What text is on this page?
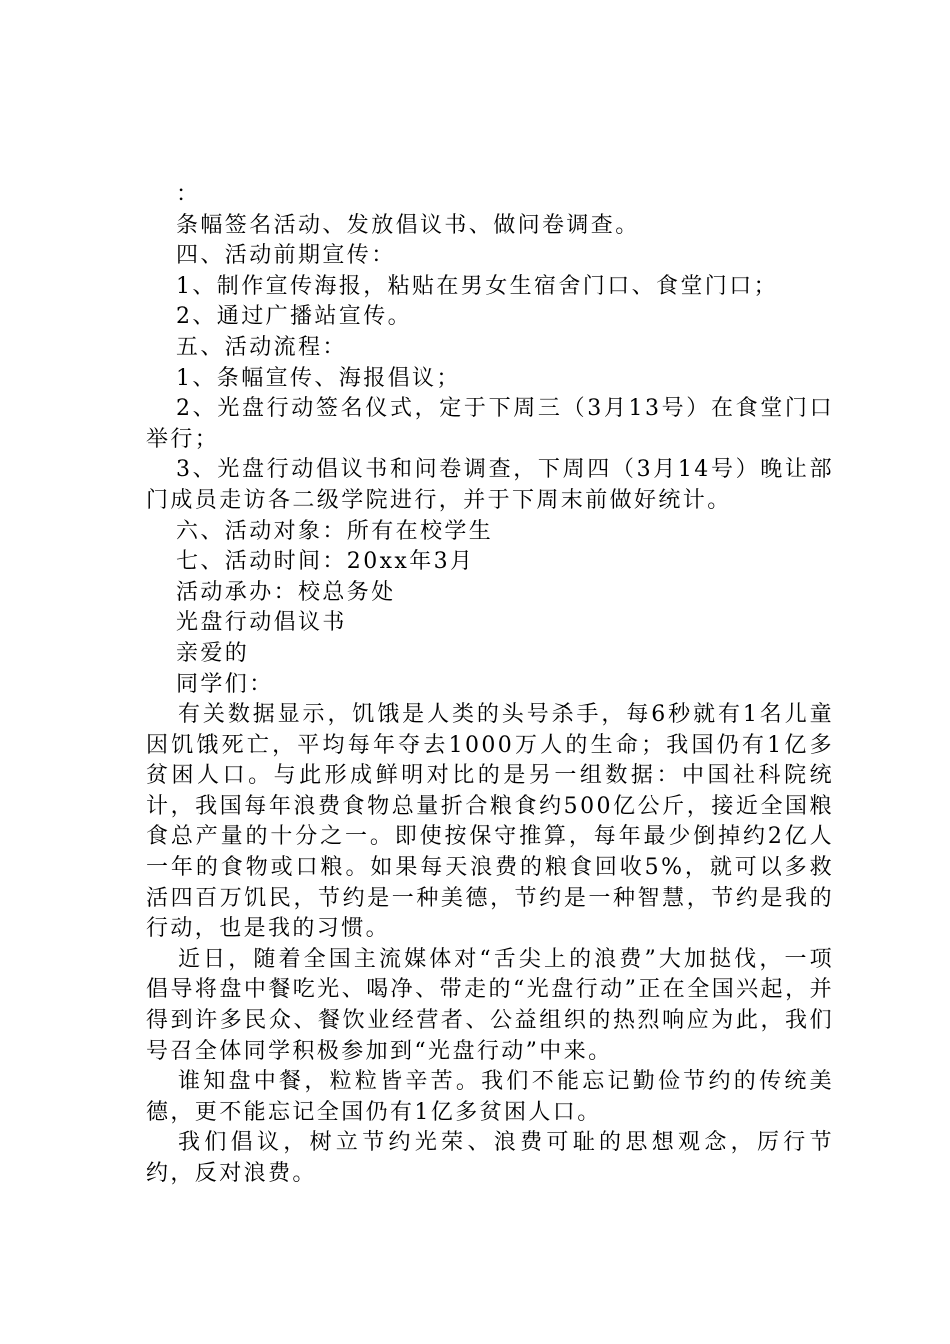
：

条幅签名活动、发放倡议书、做问卷调查。

四、活动前期宣传：

1、制作宣传海报，粘贴在男女生宿舍门口、食堂门口；

2、通过广播站宣传。

五、活动流程：

1、条幅宣传、海报倡议；

2、光盘行动签名仪式，定于下周三（3月13号）在食堂门口举行；

3、光盘行动倡议书和问卷调查，下周四（3月14号）晚让部门成员走访各二级学院进行，并于下周末前做好统计。

六、活动对象：所有在校学生

七、活动时间：20xx年3月

活动承办：校总务处

光盘行动倡议书

亲爱的

同学们：

有关数据显示，饥饿是人类的头号杀手，每6秒就有1名儿童因饥饿死亡，平均每年夺去1000万人的生命；我国仍有1亿多贫困人口。与此形成鲜明对比的是另一组数据：中国社科院统计，我国每年浪费食物总量折合粮食约500亿公斤，接近全国粮食总产量的十分之一。即使按保守推算，每年最少倒掉约2亿人一年的食物或口粮。如果每天浪费的粮食回收5%，就可以多救活四百万饥民，节约是一种美德，节约是一种智慧，节约是我的行动，也是我的习惯。

近日，随着全国主流媒体对“舌尖上的浪费”大加挞伐，一项倡导将盘中餐吃光、喝净、带走的“光盘行动”正在全国兴起，并得到许多民众、餐饮业经营者、公益组织的热烈响应为此，我们号召全体同学积极参加到“光盘行动”中来。

谁知盘中餐，粒粒皆辛苦。我们不能忘记勤俭节约的传统美德，更不能忘记全国仍有1亿多贫困人口。

我们倡议，树立节约光荣、浪费可耻的思想观念，厉行节约，反对浪费。
